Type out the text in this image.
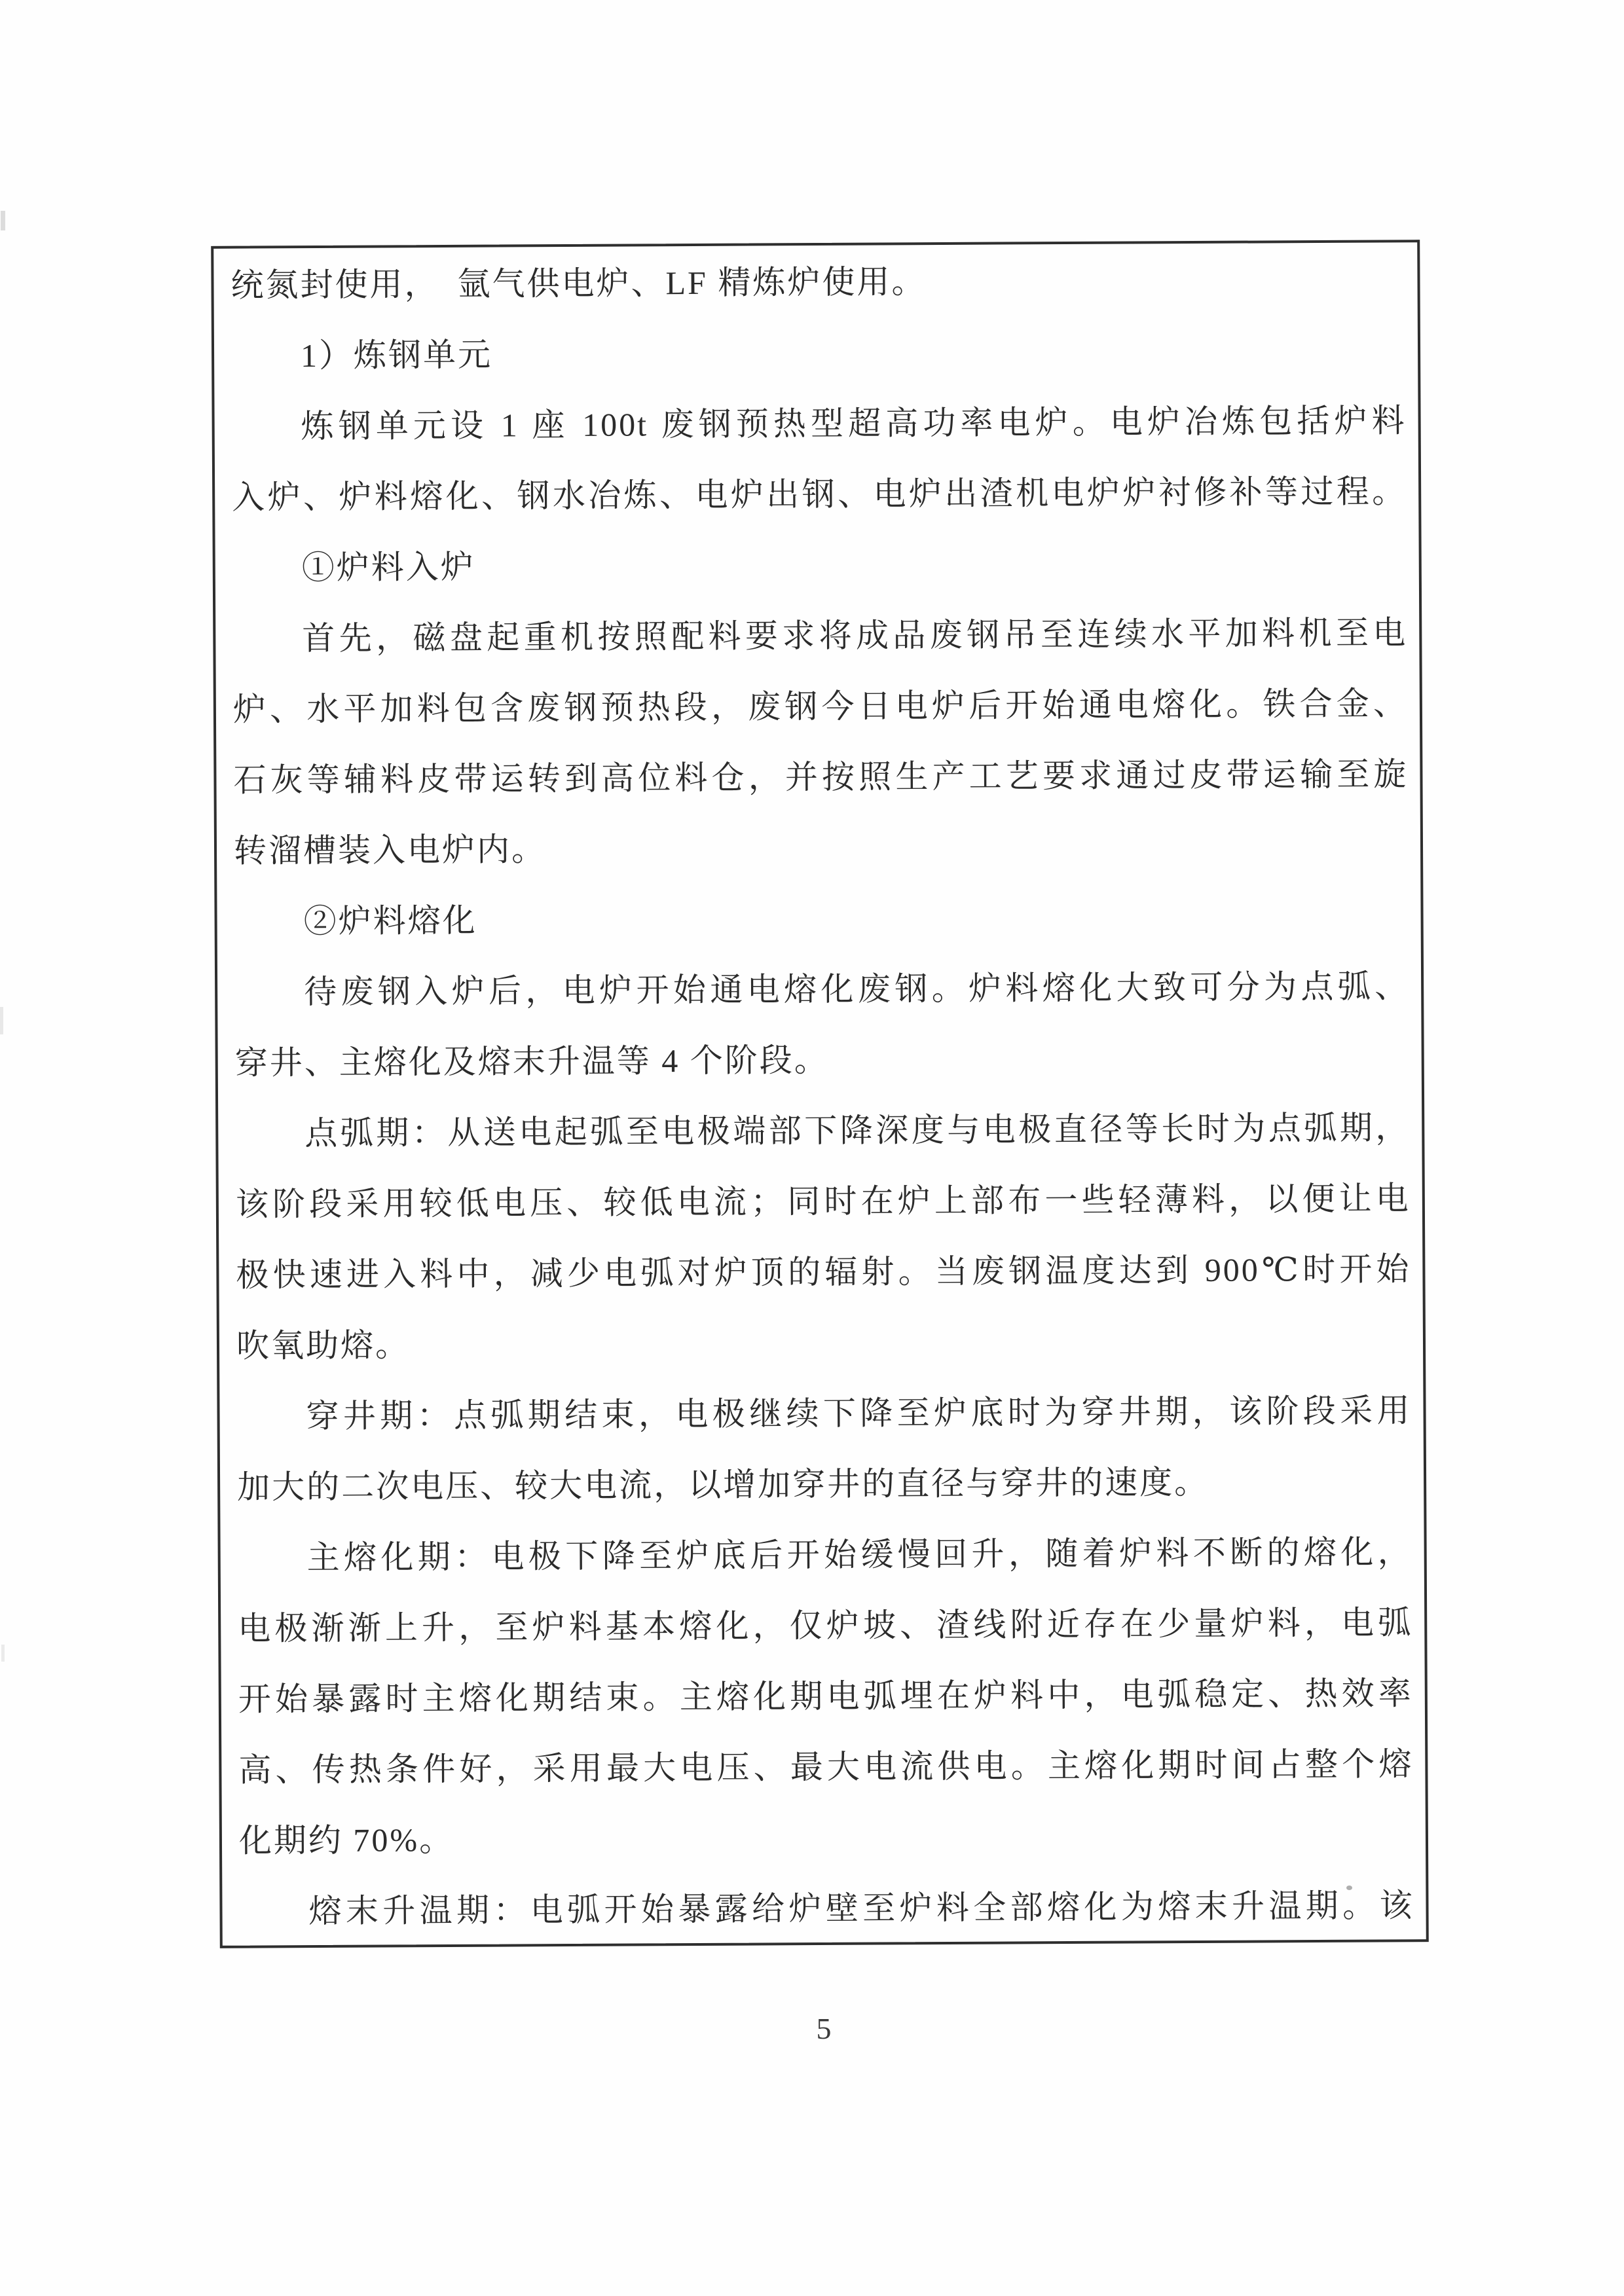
统氮封使用，　氩气供电炉、LF 精炼炉使用。
1）炼钢单元
炼钢单元设 1 座 100t 废钢预热型超高功率电炉。电炉冶炼包括炉料
入炉、炉料熔化、钢水冶炼、电炉出钢、电炉出渣机电炉炉衬修补等过程。
①炉料入炉
首先，磁盘起重机按照配料要求将成品废钢吊至连续水平加料机至电
炉、水平加料包含废钢预热段，废钢今日电炉后开始通电熔化。铁合金、
石灰等辅料皮带运转到高位料仓，并按照生产工艺要求通过皮带运输至旋
转溜槽装入电炉内。
②炉料熔化
待废钢入炉后，电炉开始通电熔化废钢。炉料熔化大致可分为点弧、
穿井、主熔化及熔末升温等 4 个阶段。
点弧期：从送电起弧至电极端部下降深度与电极直径等长时为点弧期，
该阶段采用较低电压、较低电流；同时在炉上部布一些轻薄料，以便让电
极快速进入料中，减少电弧对炉顶的辐射。当废钢温度达到 900℃时开始
吹氧助熔。
穿井期：点弧期结束，电极继续下降至炉底时为穿井期，该阶段采用
加大的二次电压、较大电流，以增加穿井的直径与穿井的速度。
主熔化期：电极下降至炉底后开始缓慢回升，随着炉料不断的熔化，
电极渐渐上升，至炉料基本熔化，仅炉坡、渣线附近存在少量炉料，电弧
开始暴露时主熔化期结束。主熔化期电弧埋在炉料中，电弧稳定、热效率
高、传热条件好，采用最大电压、最大电流供电。主熔化期时间占整个熔
化期约 70%。
熔末升温期：电弧开始暴露给炉壁至炉料全部熔化为熔末升温期。该
5
